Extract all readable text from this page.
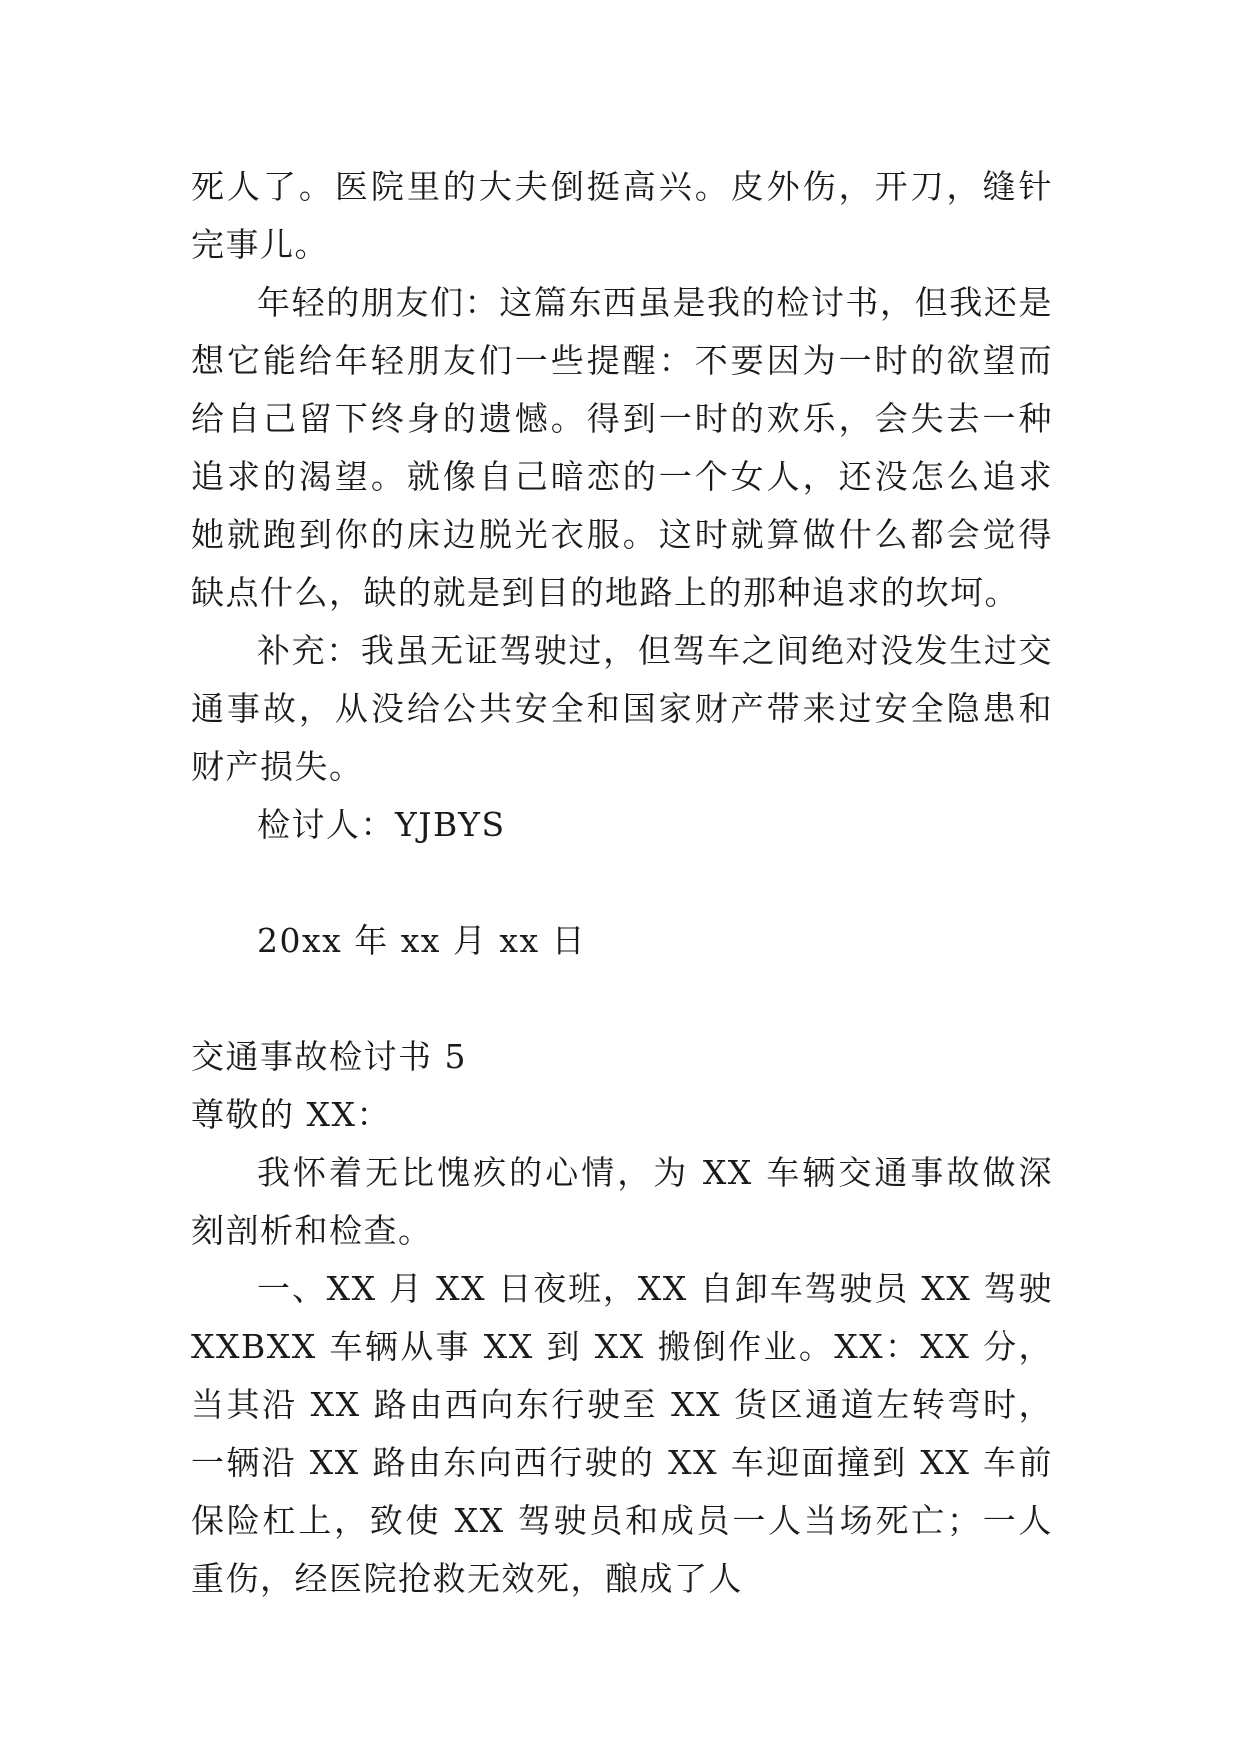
死人了。医院里的大夫倒挺高兴。皮外伤，开刀，缝针完事儿。

年轻的朋友们：这篇东西虽是我的检讨书，但我还是想它能给年轻朋友们一些提醒：不要因为一时的欲望而给自己留下终身的遗憾。得到一时的欢乐，会失去一种追求的渴望。就像自己暗恋的一个女人，还没怎么追求她就跑到你的床边脱光衣服。这时就算做什么都会觉得缺点什么，缺的就是到目的地路上的那种追求的坎坷。

补充：我虽无证驾驶过，但驾车之间绝对没发生过交通事故，从没给公共安全和国家财产带来过安全隐患和财产损失。

检讨人：YJBYS

20xx 年 xx 月 xx 日

交通事故检讨书 5

尊敬的 XX：

我怀着无比愧疚的心情，为 XX 车辆交通事故做深刻剖析和检查。

一、XX 月 XX 日夜班，XX 自卸车驾驶员 XX 驾驶 XXBXX 车辆从事 XX 到 XX 搬倒作业。XX：XX 分，当其沿 XX 路由西向东行驶至 XX 货区通道左转弯时，一辆沿 XX 路由东向西行驶的 XX 车迎面撞到 XX 车前保险杠上，致使 XX 驾驶员和成员一人当场死亡；一人重伤，经医院抢救无效死，酿成了人
